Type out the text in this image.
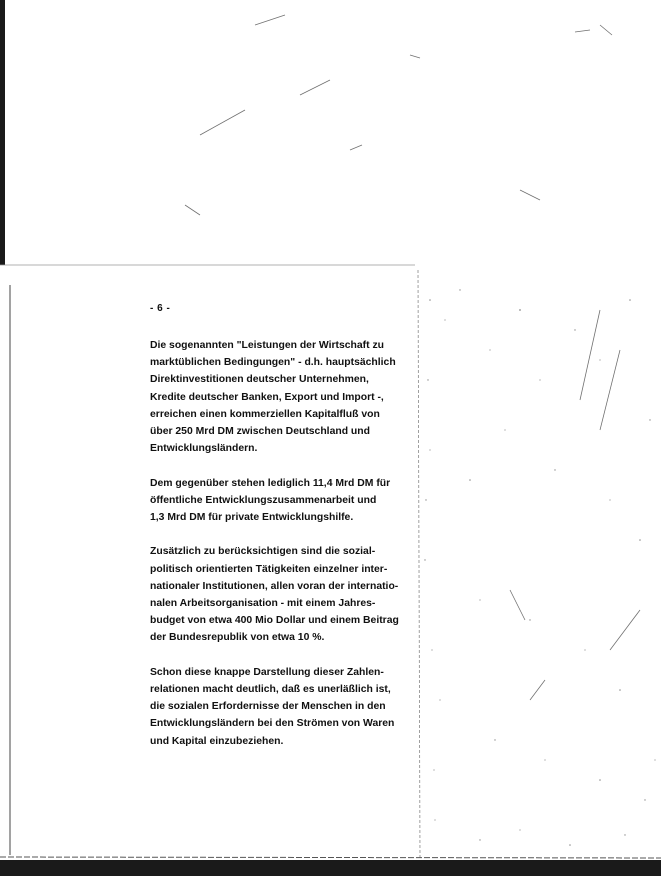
- 6 -

Die sogenannten "Leistungen der Wirtschaft zu
marktüblichen Bedingungen" - d.h. hauptsächlich
Direktinvestitionen deutscher Unternehmen,
Kredite deutscher Banken, Export und Import -,
erreichen einen kommerziellen Kapitalfluß von
über 250 Mrd DM zwischen Deutschland und
Entwicklungsländern.

Dem gegenüber stehen lediglich 11,4 Mrd DM für
öffentliche Entwicklungszusammenarbeit und
1,3 Mrd DM für private Entwicklungshilfe.

Zusätzlich zu berücksichtigen sind die sozial-
politisch orientierten Tätigkeiten einzelner inter-
nationaler Institutionen, allen voran der internatio-
nalen Arbeitsorganisation - mit einem Jahres-
budget von etwa 400 Mio Dollar und einem Beitrag
der Bundesrepublik von etwa 10 %.

Schon diese knappe Darstellung dieser Zahlen-
relationen macht deutlich, daß es unerläßlich ist,
die sozialen Erfordernisse der Menschen in den
Entwicklungsländern bei den Strömen von Waren
und Kapital einzubeziehen.
